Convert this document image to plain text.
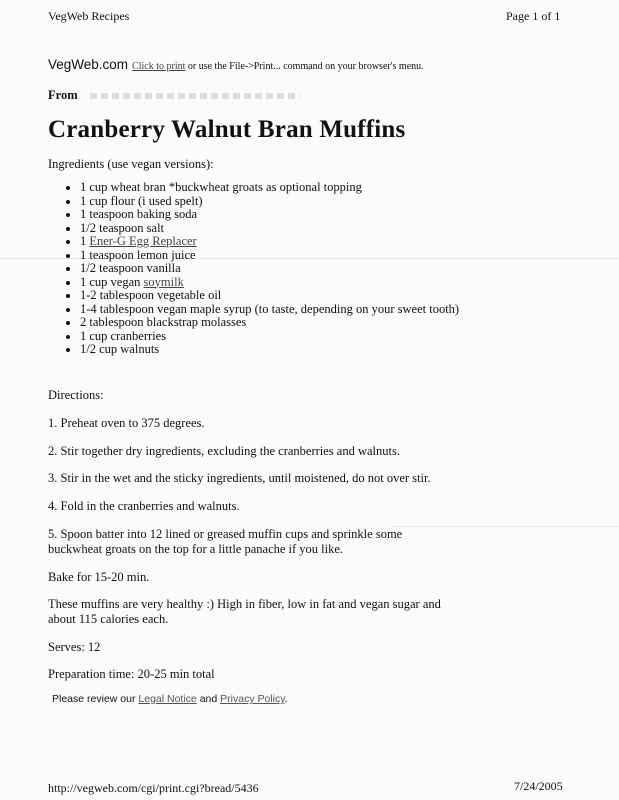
VegWeb Recipes	Page 1 of 1
VegWeb.com Click to print or use the File->Print... command on your browser's menu.
From
Cranberry Walnut Bran Muffins
Ingredients (use vegan versions):
1 cup wheat bran *buckwheat groats as optional topping
1 cup flour (i used spelt)
1 teaspoon baking soda
1/2 teaspoon salt
1 Ener-G Egg Replacer
1 teaspoon lemon juice
1/2 teaspoon vanilla
1 cup vegan soymilk
1-2 tablespoon vegetable oil
1-4 tablespoon vegan maple syrup (to taste, depending on your sweet tooth)
2 tablespoon blackstrap molasses
1 cup cranberries
1/2 cup walnuts
Directions:
1. Preheat oven to 375 degrees.
2. Stir together dry ingredients, excluding the cranberries and walnuts.
3. Stir in the wet and the sticky ingredients, until moistened, do not over stir.
4. Fold in the cranberries and walnuts.
5. Spoon batter into 12 lined or greased muffin cups and sprinkle some buckwheat groats on the top for a little panache if you like.
Bake for 15-20 min.
These muffins are very healthy :) High in fiber, low in fat and vegan sugar and about 115 calories each.
Serves: 12
Preparation time: 20-25 min total
Please review our Legal Notice and Privacy Policy.
http://vegweb.com/cgi/print.cgi?bread/5436	7/24/2005
